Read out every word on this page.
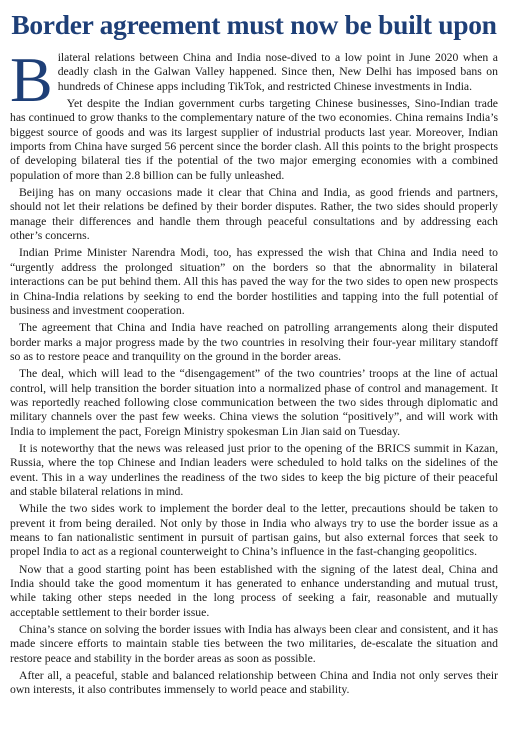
Border agreement must now be built upon

Bilateral relations between China and India nose-dived to a low point in June 2020 when a deadly clash in the Galwan Valley happened. Since then, New Delhi has imposed bans on hundreds of Chinese apps including TikTok, and restricted Chinese investments in India.

Yet despite the Indian government curbs targeting Chinese businesses, Sino-Indian trade has continued to grow thanks to the complementary nature of the two economies. China remains India’s biggest source of goods and was its largest supplier of industrial products last year. Moreover, Indian imports from China have surged 56 percent since the border clash. All this points to the bright prospects of developing bilateral ties if the potential of the two major emerging economies with a combined population of more than 2.8 billion can be fully unleashed.

Beijing has on many occasions made it clear that China and India, as good friends and partners, should not let their relations be defined by their border disputes. Rather, the two sides should properly manage their differences and handle them through peaceful consultations and by addressing each other’s concerns.

Indian Prime Minister Narendra Modi, too, has expressed the wish that China and India need to “urgently address the prolonged situation” on the borders so that the abnormality in bilateral interactions can be put behind them. All this has paved the way for the two sides to open new prospects in China-India relations by seeking to end the border hostilities and tapping into the full potential of business and investment cooperation.

The agreement that China and India have reached on patrolling arrangements along their disputed border marks a major progress made by the two countries in resolving their four-year military standoff so as to restore peace and tranquility on the ground in the border areas.

The deal, which will lead to the “disengagement” of the two countries’ troops at the line of actual control, will help transition the border situation into a normalized phase of control and management. It was reportedly reached following close communication between the two sides through diplomatic and military channels over the past few weeks. China views the solution “positively”, and will work with India to implement the pact, Foreign Ministry spokesman Lin Jian said on Tuesday.

It is noteworthy that the news was released just prior to the opening of the BRICS summit in Kazan, Russia, where the top Chinese and Indian leaders were scheduled to hold talks on the sidelines of the event. This in a way underlines the readiness of the two sides to keep the big picture of their peaceful and stable bilateral relations in mind.

While the two sides work to implement the border deal to the letter, precautions should be taken to prevent it from being derailed. Not only by those in India who always try to use the border issue as a means to fan nationalistic sentiment in pursuit of partisan gains, but also external forces that seek to propel India to act as a regional counterweight to China’s influence in the fast-changing geopolitics.

Now that a good starting point has been established with the signing of the latest deal, China and India should take the good momentum it has generated to enhance understanding and mutual trust, while taking other steps needed in the long process of seeking a fair, reasonable and mutually acceptable settlement to their border issue.

China’s stance on solving the border issues with India has always been clear and consistent, and it has made sincere efforts to maintain stable ties between the two militaries, de-escalate the situation and restore peace and stability in the border areas as soon as possible.

After all, a peaceful, stable and balanced relationship between China and India not only serves their own interests, it also contributes immensely to world peace and stability.
